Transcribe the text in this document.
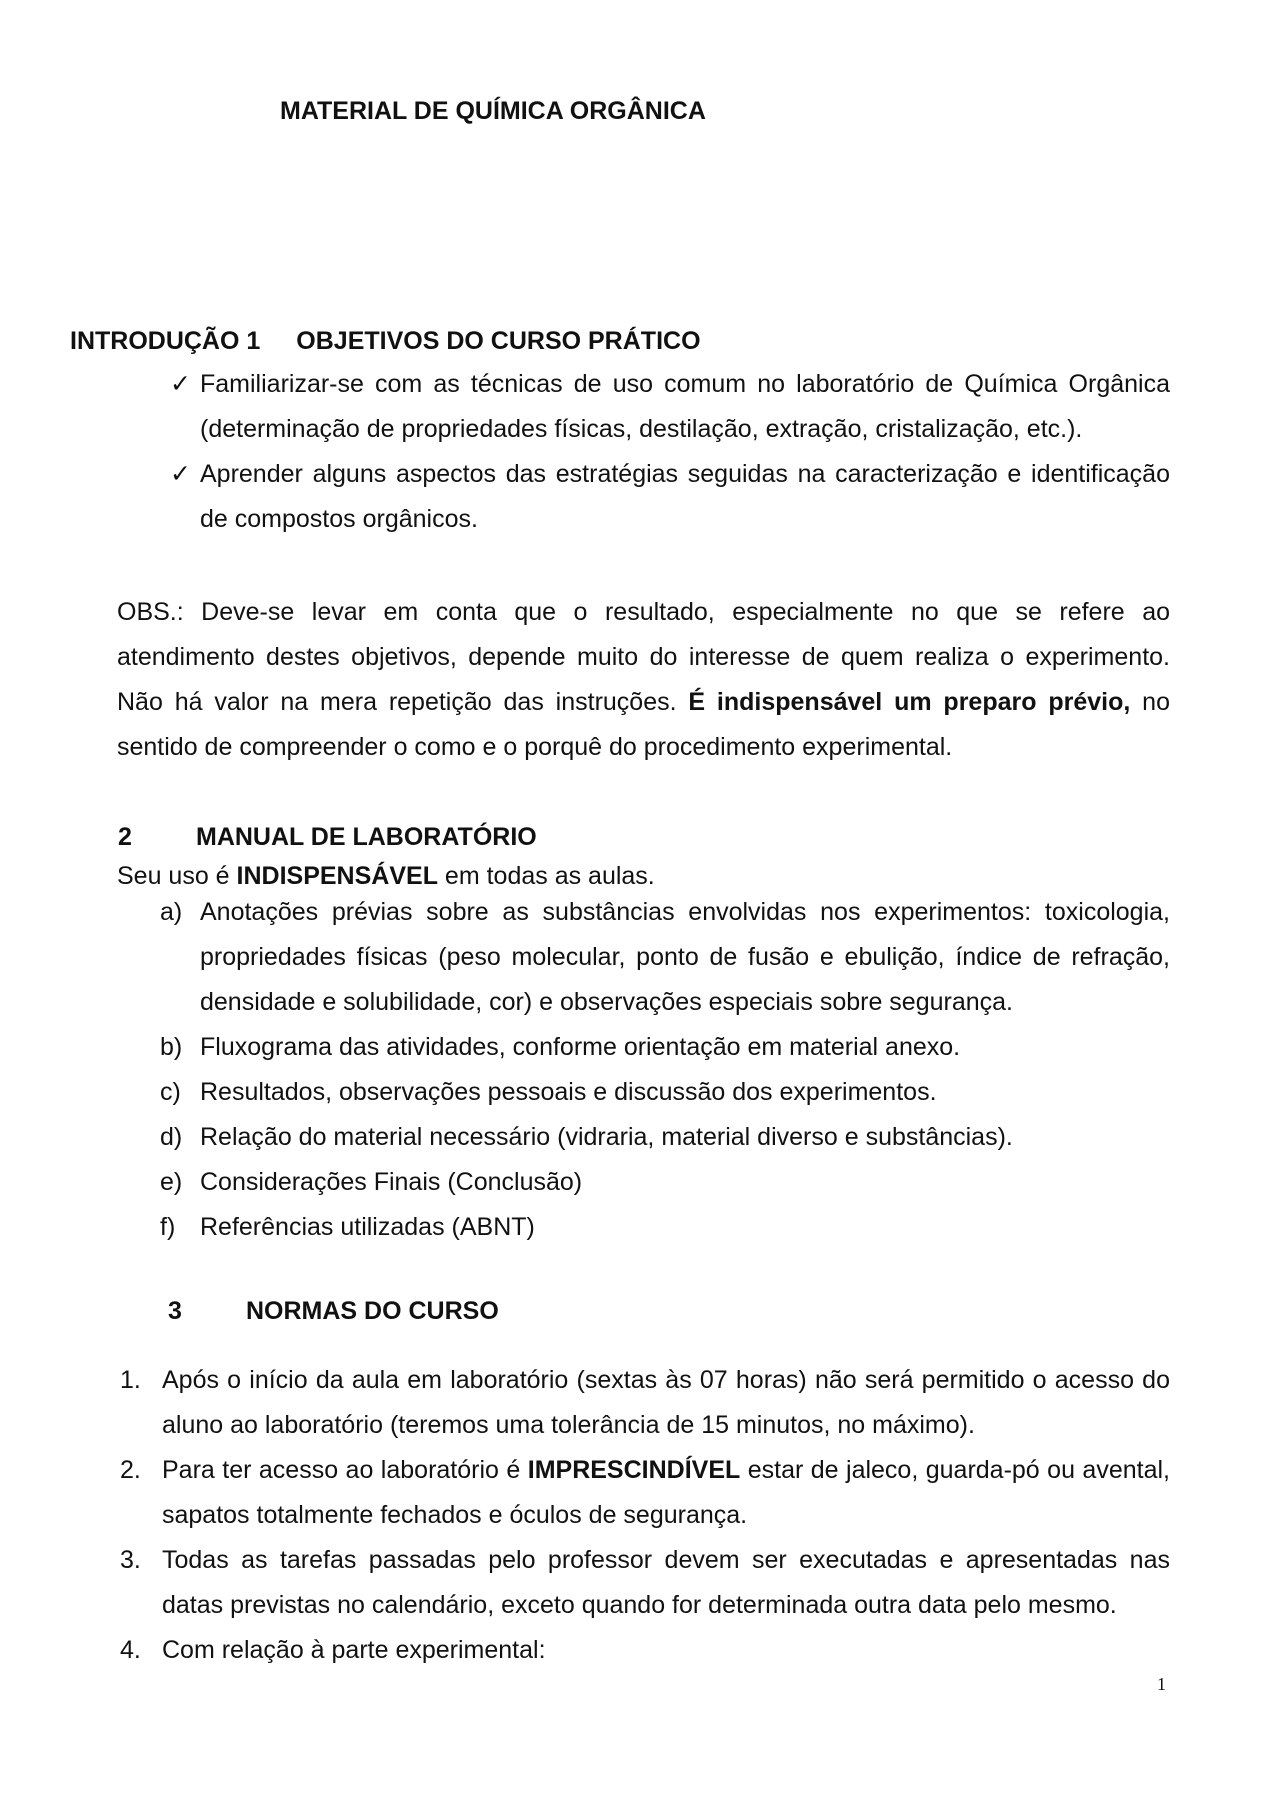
MATERIAL DE QUÍMICA ORGÂNICA
INTRODUÇÃO 1 OBJETIVOS DO CURSO PRÁTICO
✓ Familiarizar-se com as técnicas de uso comum no laboratório de Química Orgânica (determinação de propriedades físicas, destilação, extração, cristalização, etc.).
✓ Aprender alguns aspectos das estratégias seguidas na caracterização e identificação de compostos orgânicos.

OBS.: Deve-se levar em conta que o resultado, especialmente no que se refere ao atendimento destes objetivos, depende muito do interesse de quem realiza o experimento. Não há valor na mera repetição das instruções. É indispensável um preparo prévio, no sentido de compreender o como e o porquê do procedimento experimental.

2	MANUAL DE LABORATÓRIO
Seu uso é INDISPENSÁVEL em todas as aulas.
a) Anotações prévias sobre as substâncias envolvidas nos experimentos: toxicologia, propriedades físicas (peso molecular, ponto de fusão e ebulição, índice de refração, densidade e solubilidade, cor) e observações especiais sobre segurança.
b) Fluxograma das atividades, conforme orientação em material anexo.
c) Resultados, observações pessoais e discussão dos experimentos.
d) Relação do material necessário (vidraria, material diverso e substâncias).
e) Considerações Finais (Conclusão)
f) Referências utilizadas (ABNT)
3	NORMAS DO CURSO
1. Após o início da aula em laboratório (sextas às 07 horas) não será permitido o acesso do aluno ao laboratório (teremos uma tolerância de 15 minutos, no máximo).
2. Para ter acesso ao laboratório é IMPRESCINDÍVEL estar de jaleco, guarda-pó ou avental, sapatos totalmente fechados e óculos de segurança.
3. Todas as tarefas passadas pelo professor devem ser executadas e apresentadas nas datas previstas no calendário, exceto quando for determinada outra data pelo mesmo.
4. Com relação à parte experimental:
1
